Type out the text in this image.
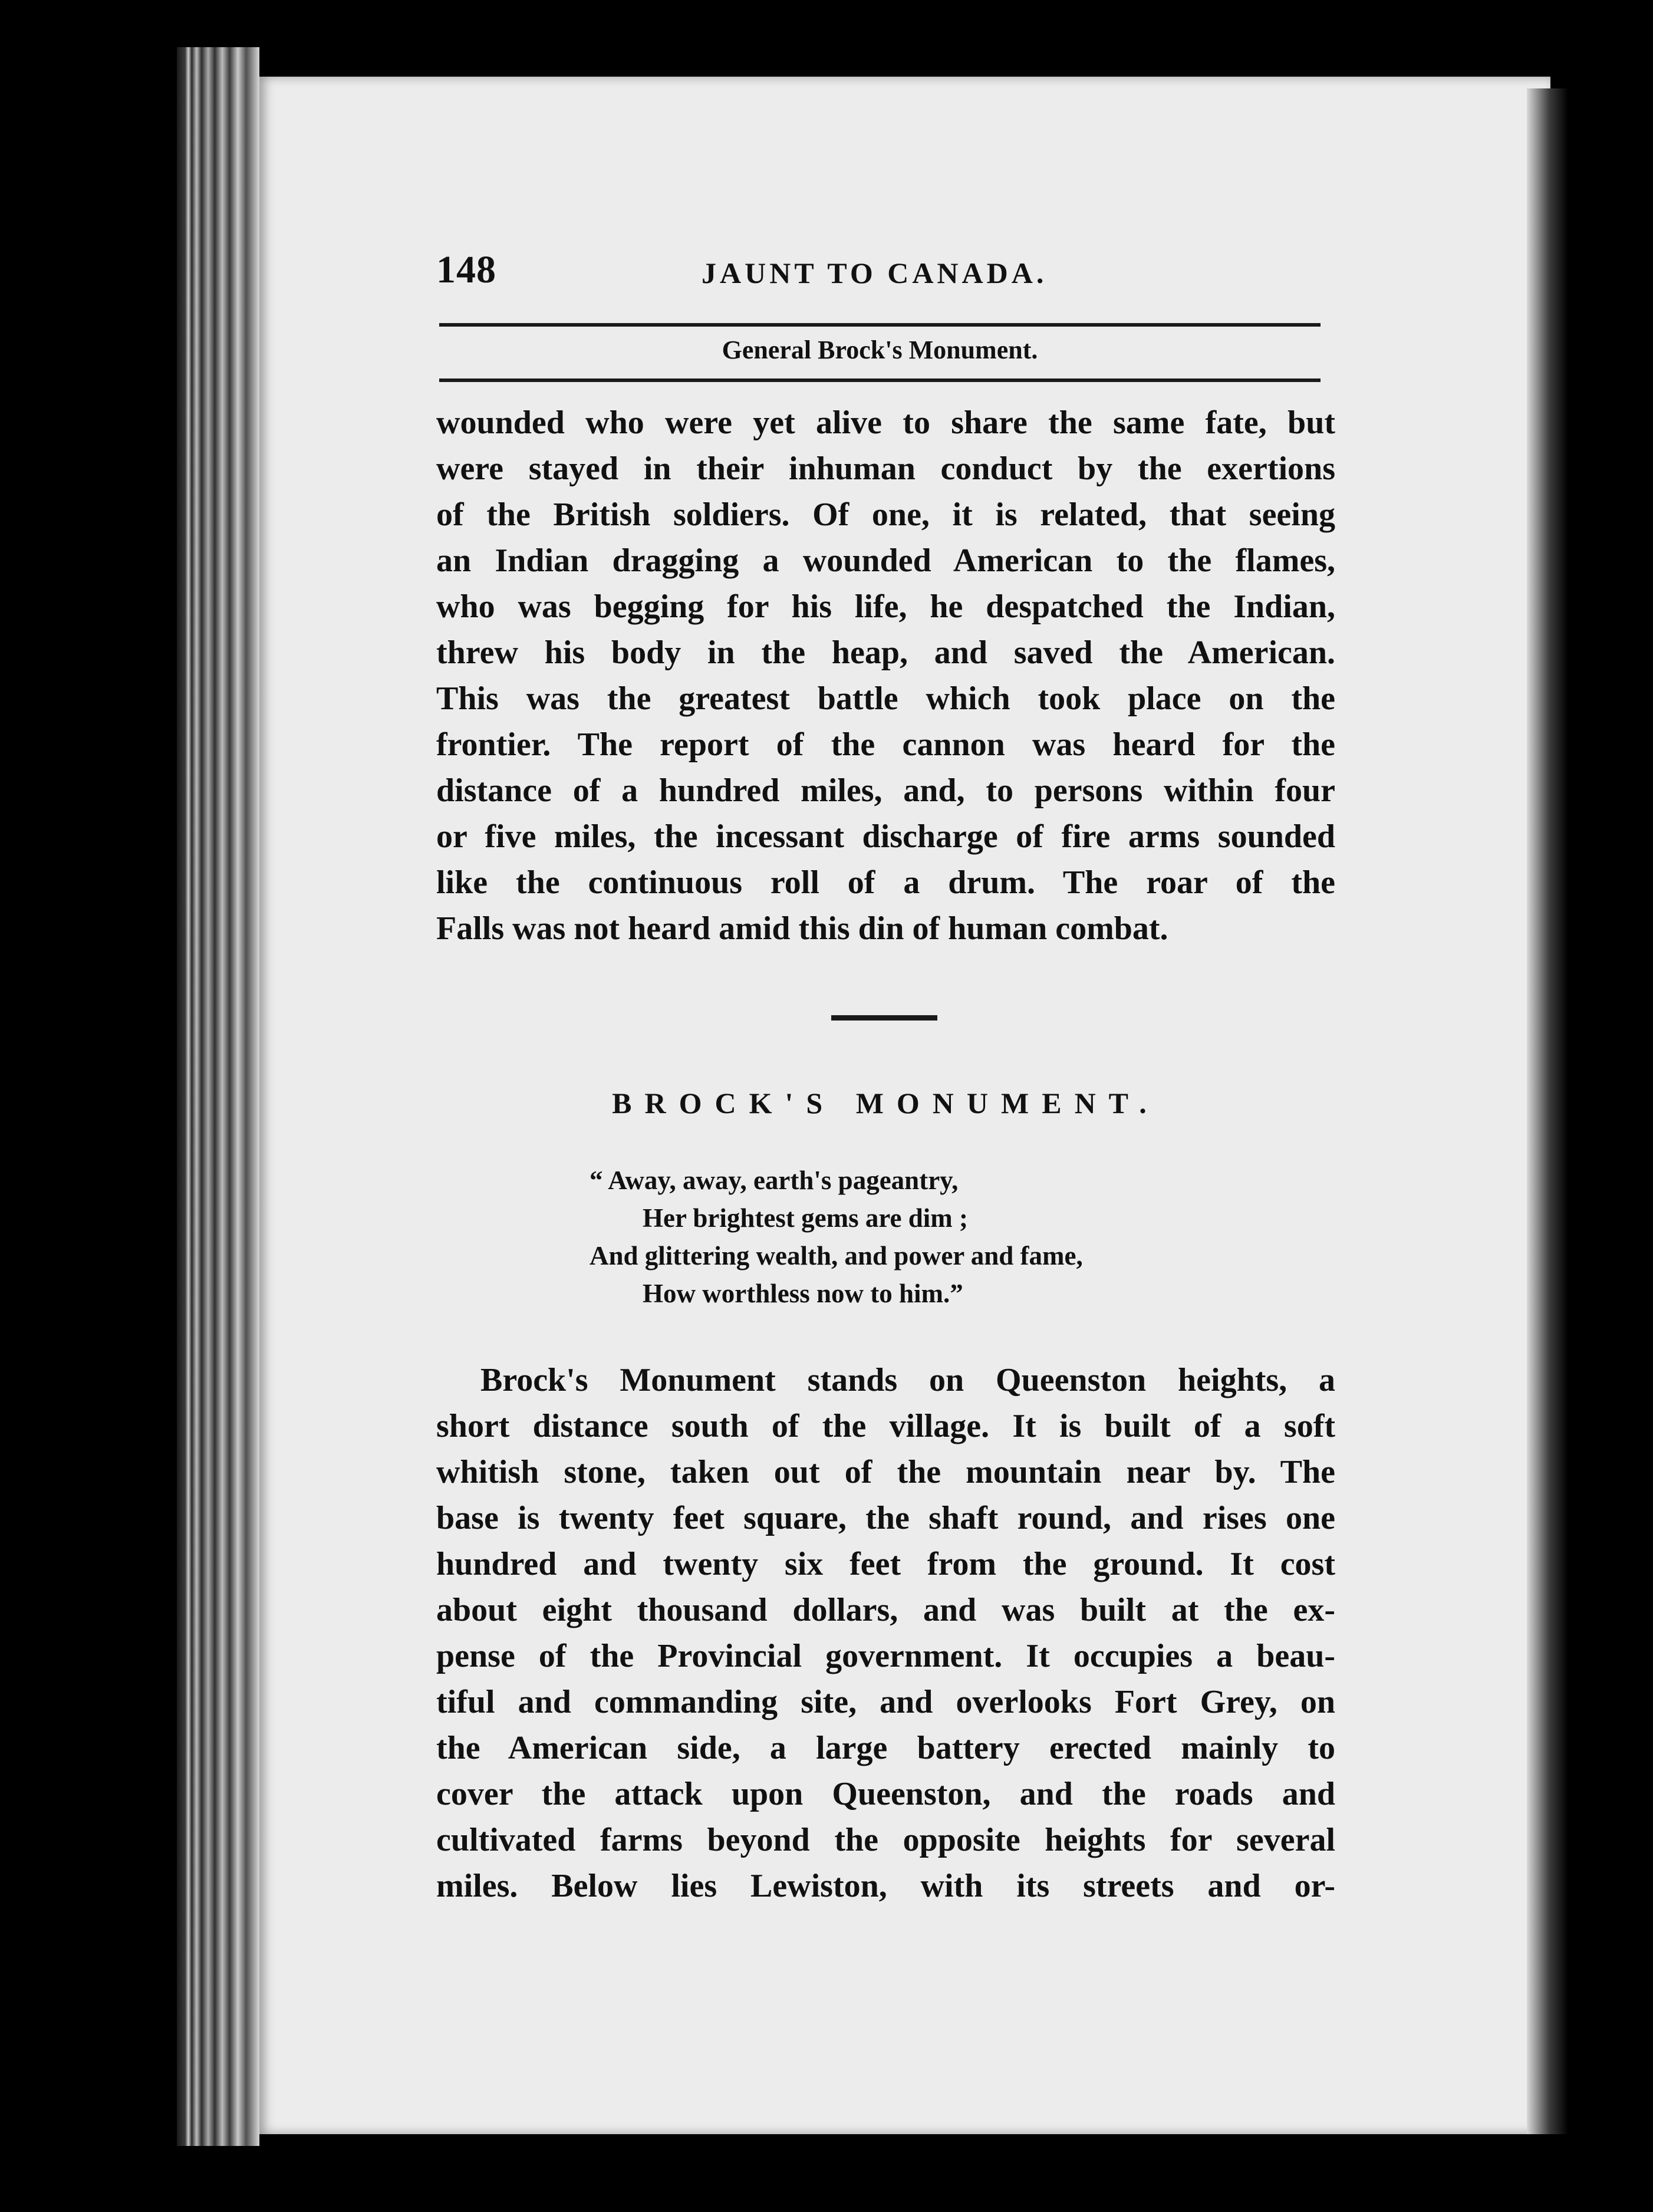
148	JAUNT TO CANADA.
General Brock's Monument.
wounded who were yet alive to share the same fate, but
were stayed in their inhuman conduct by the exertions
of the British soldiers. Of one, it is related, that seeing
an Indian dragging a wounded American to the flames,
who was begging for his life, he despatched the Indian,
threw his body in the heap, and saved the American.
This was the greatest battle which took place on the
frontier. The report of the cannon was heard for the
distance of a hundred miles, and, to persons within four
or five miles, the incessant discharge of fire arms sounded
like the continuous roll of a drum. The roar of the
Falls was not heard amid this din of human combat.
BROCK'S MONUMENT.
“ Away, away, earth's pageantry,
Her brightest gems are dim ;
And glittering wealth, and power and fame,
How worthless now to him.”
Brock's Monument stands on Queenston heights, a
short distance south of the village. It is built of a soft
whitish stone, taken out of the mountain near by. The
base is twenty feet square, the shaft round, and rises one
hundred and twenty six feet from the ground. It cost
about eight thousand dollars, and was built at the ex-
pense of the Provincial government. It occupies a beau-
tiful and commanding site, and overlooks Fort Grey, on
the American side, a large battery erected mainly to
cover the attack upon Queenston, and the roads and
cultivated farms beyond the opposite heights for several
miles. Below lies Lewiston, with its streets and or-
